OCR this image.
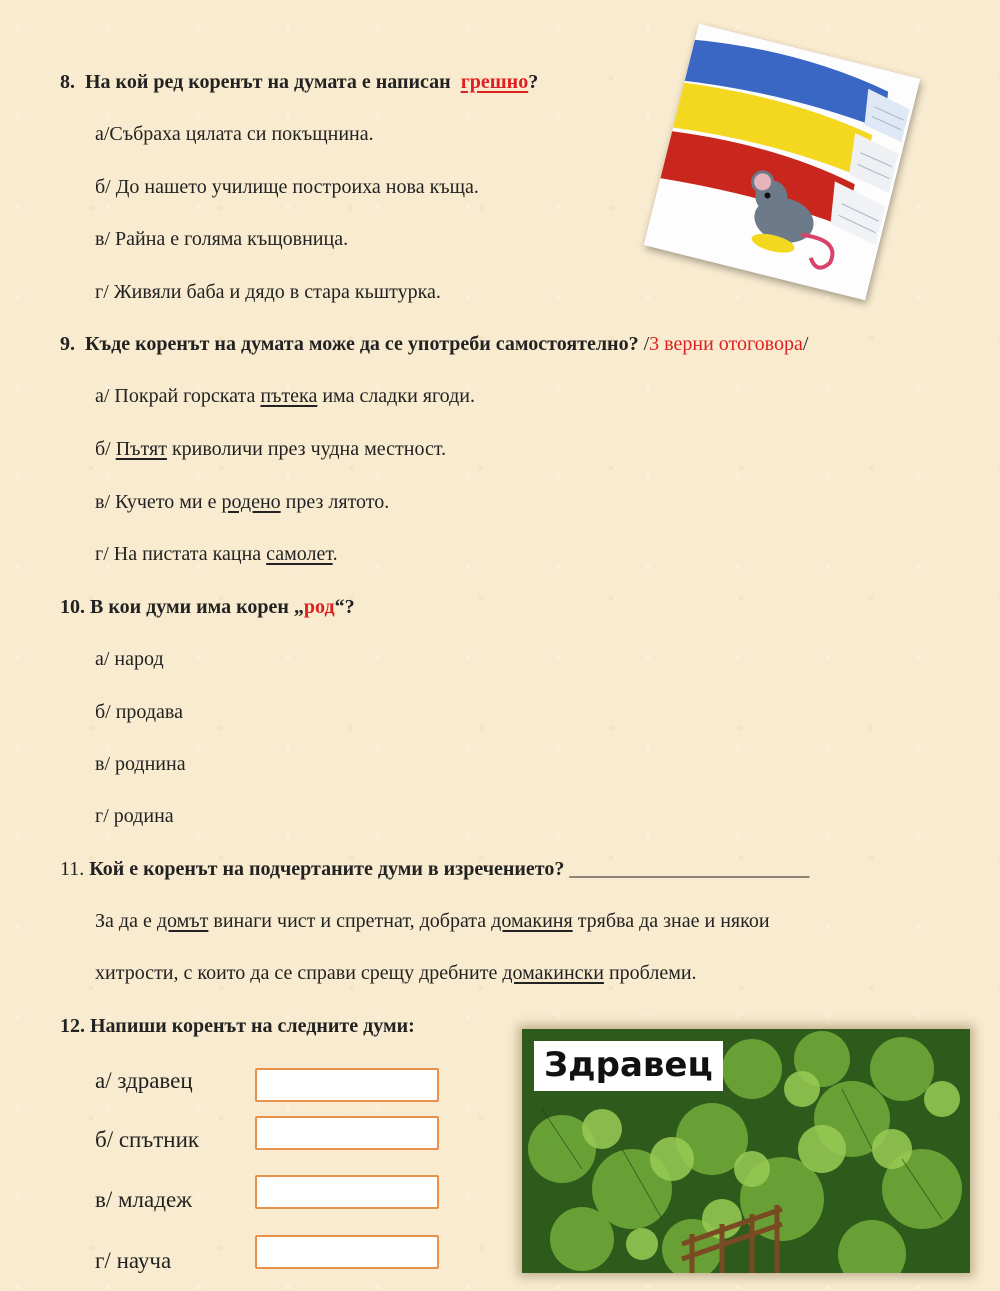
8. На кой ред коренът на думата е написан грешно?
а/Събраха цялата си покъщнина.
б/ До нашето училище построиха нова къща.
в/ Райна е голяма къщовница.
г/ Живяли баба и дядо в стара кьштурка.
9. Къде коренът на думата може да се употреби самостоятелно? /3 верни отоговора/
а/ Покрай горската пътека има сладки ягоди.
б/ Пътят криволичи през чудна местност.
в/ Кучето ми е родено през лятото.
г/ На пистата кацна самолет.
10. В кои думи има корен „род“?
а/ народ
б/ продава
в/ роднина
г/ родина
11. Кой е коренът на подчертаните думи в изречението? ________________________
За да е домът винаги чист и спретнат, добрата домакиня трябва да знае и някои
хитрости, с които да се справи срещу дребните домакински проблеми.
12. Напиши коренът на следните думи:
а/ здравец
б/ спътник
в/ младеж
г/ науча
Здравец
